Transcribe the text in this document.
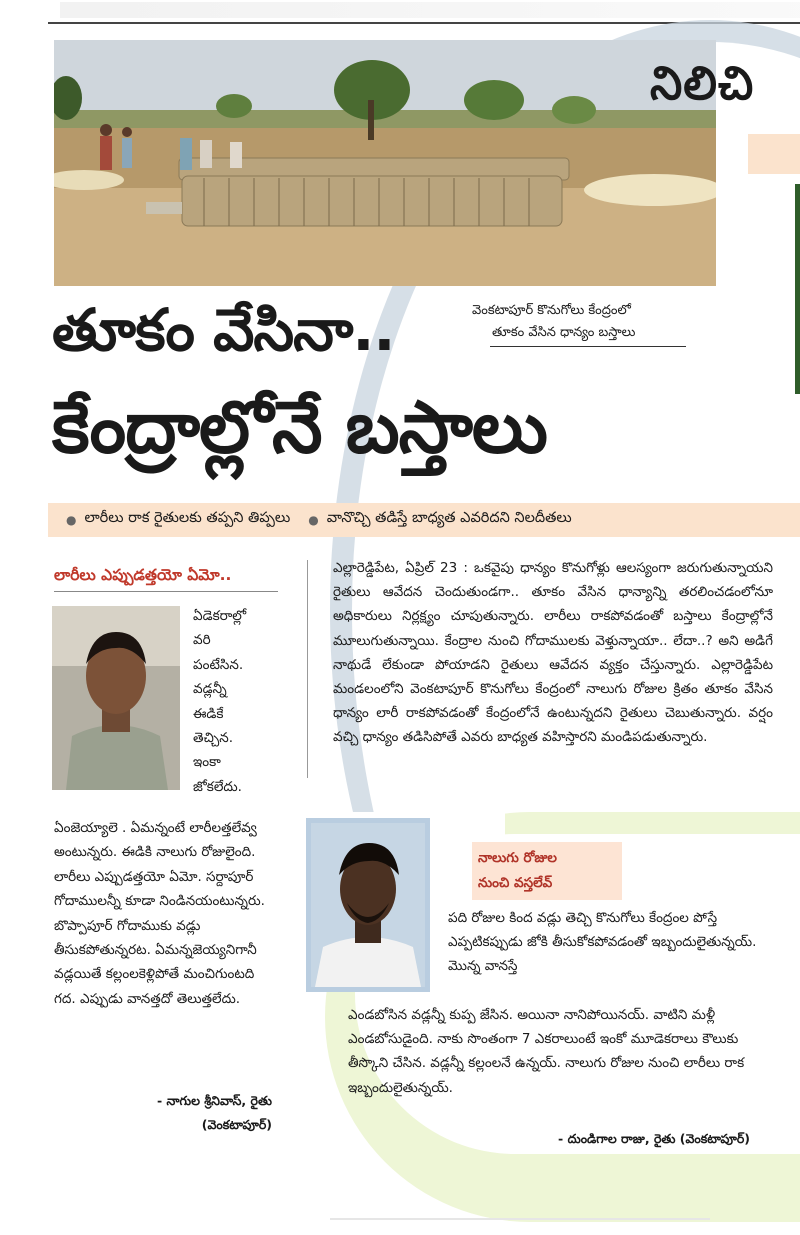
నిలిచి
తూకం వేసినా..
కేంద్రాల్లోనే బస్తాలు
వెంకటాపూర్ కొనుగోలు కేంద్రంలో
తూకం వేసిన ధాన్యం బస్తాలు
● లారీలు రాక రైతులకు తప్పని తిప్పలు ● వానొచ్చి తడిస్తే బాధ్యత ఎవరిదని నిలదీతలు
లారీలు ఎప్పుడత్తయో ఏమో..
ఏడెకరాల్లో
వరి
పంటేసిన.
వడ్లన్నీ
ఈడికే
తెచ్చిన.
ఇంకా
జోకలేదు.
ఏంజెయ్యాలె . ఏమన్నంటే లారీలత్తలేవ్వ అంటున్నరు. ఈడికి నాలుగు రోజులైంది. లారీలు ఎప్పుడత్తయో ఏమో. సర్దాపూర్ గోదాములన్నీ కూడా నిండినయంటున్నరు. బొప్పాపూర్ గోదాముకు వడ్లు తీసుకపోతున్నరట. ఏమన్నజెయ్యనిగానీ వడ్లయితే కల్లంలకెళ్లిపోతే మంచిగుంటది గద. ఎప్పుడు వానత్తదో తెలుత్తలేదు.
- నాగుల శ్రీనివాస్, రైతు
(వెంకటాపూర్)
ఎల్లారెడ్డిపేట, ఏప్రిల్ 23 : ఒకవైపు ధాన్యం కొనుగోళ్లు ఆలస్యంగా జరుగుతున్నాయని రైతులు ఆవేదన చెందుతుండగా.. తూకం వేసిన ధాన్యాన్ని తరలించడంలోనూ అధికారులు నిర్లక్ష్యం చూపుతున్నారు. లారీలు రాకపోవడంతో బస్తాలు కేంద్రాల్లోనే మూలుగుతున్నాయి. కేంద్రాల నుంచి గోదాములకు వెళ్తున్నాయా.. లేదా..? అని అడిగే నాథుడే లేకుండా పోయాడని రైతులు ఆవేదన వ్యక్తం చేస్తున్నారు. ఎల్లారెడ్డిపేట మండలంలోని వెంకటాపూర్ కొనుగోలు కేంద్రంలో నాలుగు రోజుల క్రితం తూకం వేసిన ధాన్యం లారీ రాకపోవడంతో కేంద్రంలోనే ఉంటున్నదని రైతులు చెబుతున్నారు. వర్షం వచ్చి ధాన్యం తడిసిపోతే ఎవరు బాధ్యత వహిస్తారని మండిపడుతున్నారు.
నాలుగు రోజుల
నుంచి వస్తలేవ్
పది రోజుల కింద వడ్లు తెచ్చి కొనుగోలు కేంద్రంల పోస్తే ఎప్పటికప్పుడు జోకి తీసుకోకపోవడంతో ఇబ్బందులైతున్నయ్. మొన్న వానస్తే
ఎండబోసిన వడ్లన్నీ కుప్ప జేసిన. అయినా నానిపోయినయ్. వాటిని మళ్లీ ఎండబోసుడైంది. నాకు సొంతంగా 7 ఎకరాలుంటే ఇంకో మూడెకరాలు కౌలుకు తీస్కొని చేసిన. వడ్లన్నీ కల్లంలనే ఉన్నయ్. నాలుగు రోజుల నుంచి లారీలు రాక ఇబ్బందులైతున్నయ్.
- దుండిగాల రాజు, రైతు (వెంకటాపూర్)
